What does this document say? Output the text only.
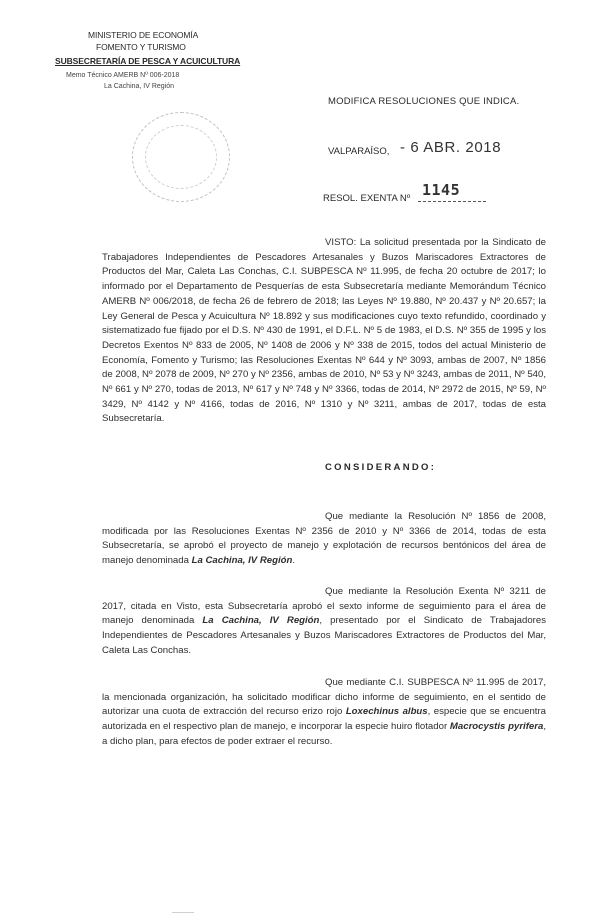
MINISTERIO DE ECONOMÍA
FOMENTO Y TURISMO
SUBSECRETARÍA DE PESCA Y ACUICULTURA
Memo Técnico AMERB Nº 006-2018
La Cachina, IV Región
MODIFICA RESOLUCIONES QUE INDICA.
VALPARAÍSO, - 6 ABR. 2018
RESOL. EXENTA Nº 1145
VISTO: La solicitud presentada por la Sindicato de Trabajadores Independientes de Pescadores Artesanales y Buzos Mariscadores Extractores de Productos del Mar, Caleta Las Conchas, C.I. SUBPESCA Nº 11.995, de fecha 20 octubre de 2017; lo informado por el Departamento de Pesquerías de esta Subsecretaría mediante Memorándum Técnico AMERB Nº 006/2018, de fecha 26 de febrero de 2018; las Leyes Nº 19.880, Nº 20.437 y Nº 20.657; la Ley General de Pesca y Acuicultura Nº 18.892 y sus modificaciones cuyo texto refundido, coordinado y sistematizado fue fijado por el D.S. Nº 430 de 1991, el D.F.L. Nº 5 de 1983, el D.S. Nº 355 de 1995 y los Decretos Exentos Nº 833 de 2005, Nº 1408 de 2006 y Nº 338 de 2015, todos del actual Ministerio de Economía, Fomento y Turismo; las Resoluciones Exentas Nº 644 y Nº 3093, ambas de 2007, Nº 1856 de 2008, Nº 2078 de 2009, Nº 270 y Nº 2356, ambas de 2010, Nº 53 y Nº 3243, ambas de 2011, Nº 540, Nº 661 y Nº 270, todas de 2013, Nº 617 y Nº 748 y Nº 3366, todas de 2014, Nº 2972 de 2015, Nº 59, Nº 3429, Nº 4142 y Nº 4166, todas de 2016, Nº 1310 y Nº 3211, ambas de 2017, todas de esta Subsecretaría.
CONSIDERANDO:
Que mediante la Resolución Nº 1856 de 2008, modificada por las Resoluciones Exentas Nº 2356 de 2010 y Nº 3366 de 2014, todas de esta Subsecretaría, se aprobó el proyecto de manejo y explotación de recursos bentónicos del área de manejo denominada La Cachina, IV Región.
Que mediante la Resolución Exenta Nº 3211 de 2017, citada en Visto, esta Subsecretaría aprobó el sexto informe de seguimiento para el área de manejo denominada La Cachina, IV Región, presentado por el Sindicato de Trabajadores Independientes de Pescadores Artesanales y Buzos Mariscadores Extractores de Productos del Mar, Caleta Las Conchas.
Que mediante C.I. SUBPESCA Nº 11.995 de 2017, la mencionada organización, ha solicitado modificar dicho informe de seguimiento, en el sentido de autorizar una cuota de extracción del recurso erizo rojo Loxechinus albus, especie que se encuentra autorizada en el respectivo plan de manejo, e incorporar la especie huiro flotador Macrocystis pyrifera, a dicho plan, para efectos de poder extraer el recurso.
